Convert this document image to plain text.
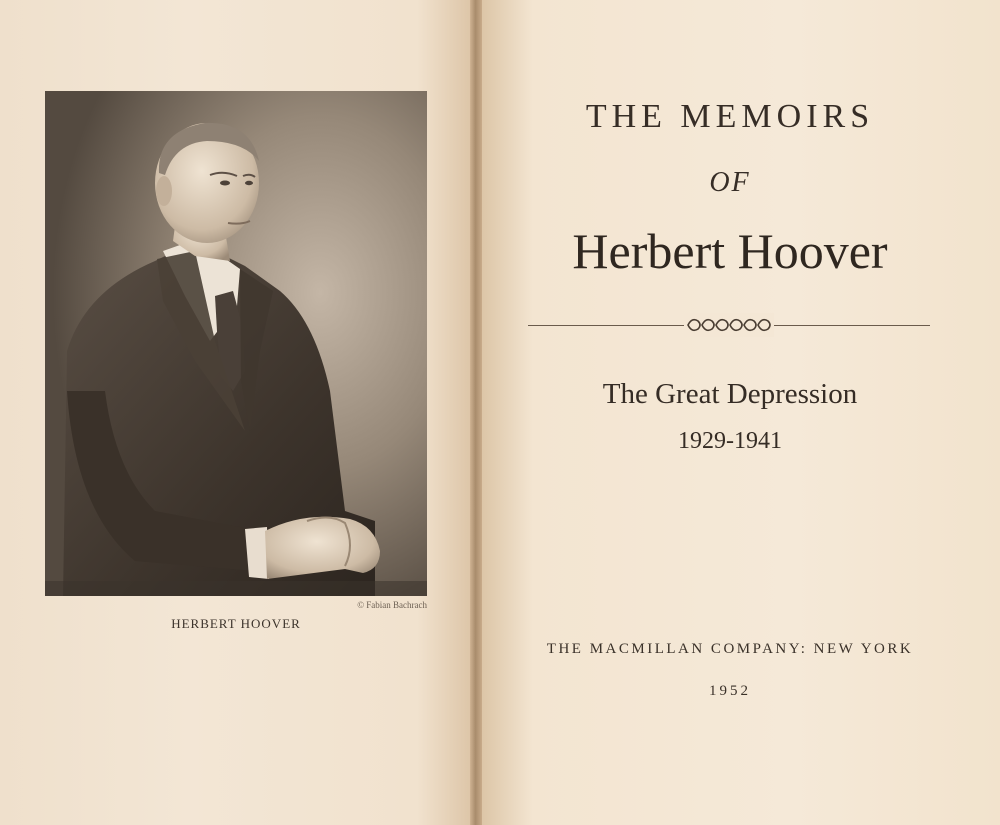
© Fabian Bachrach
HERBERT HOOVER
THE MEMOIRS
OF
Herbert Hoover
The Great Depression
1929-1941
THE MACMILLAN COMPANY: NEW YORK
1952
